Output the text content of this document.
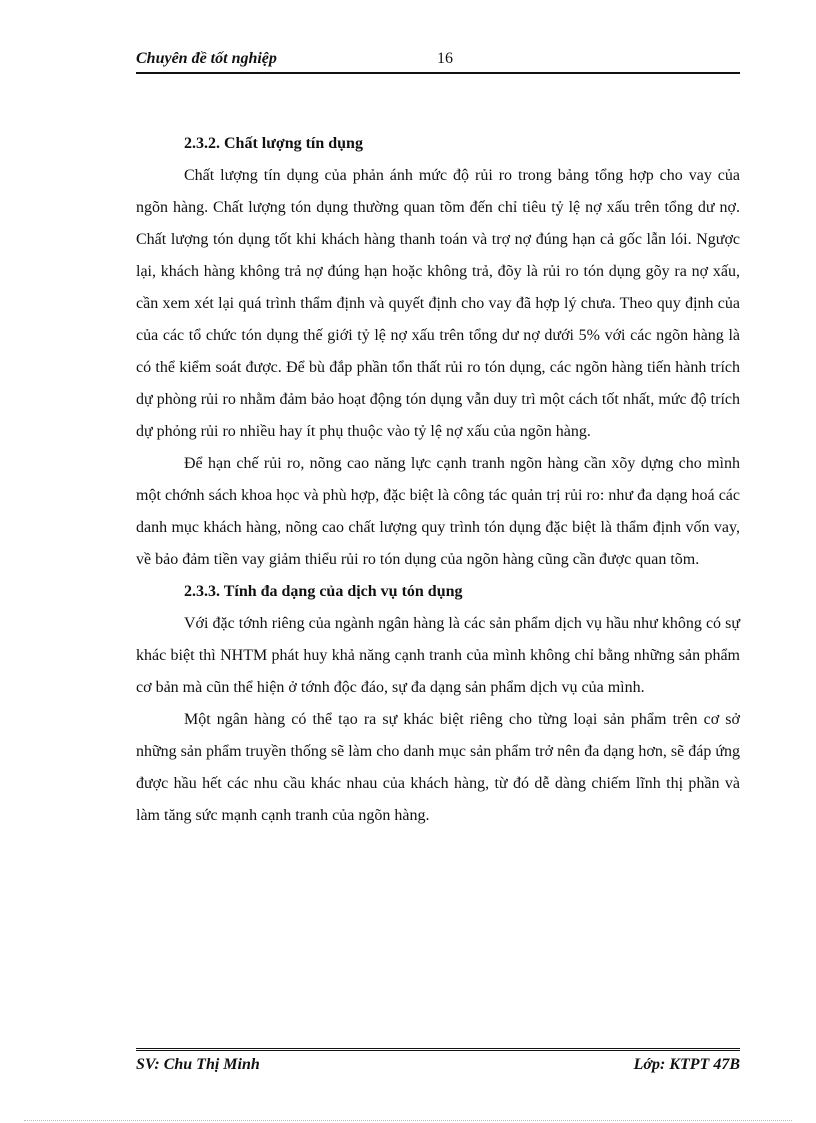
Chuyên đề tốt nghiệp	16
2.3.2. Chất lượng tín dụng

Chất lượng tín dụng của phản ánh mức độ rủi ro trong bảng tổng hợp cho vay của ngõn hàng. Chất lượng tón dụng thường quan tõm đến chỉ tiêu tỷ lệ nợ xấu trên tổng dư nợ. Chất lượng tón dụng tốt khi khách hàng thanh toán và trợ nợ đúng hạn cả gốc lẫn lói. Ngược lại, khách hàng không trả nợ đúng hạn hoặc không trả, đõy là rủi ro tón dụng gõy ra nợ xấu, cần xem xét lại quá trình thẩm định và quyết định cho vay đã hợp lý chưa. Theo quy định của của các tổ chức tón dụng thế giới tỷ lệ nợ xấu trên tổng dư nợ dưới 5% với các ngõn hàng là có thể kiểm soát được. Để bù đắp phần tổn thất rủi ro tón dụng, các ngõn hàng tiến hành trích dự phòng rủi ro nhằm đảm bảo hoạt động tón dụng vẫn duy trì một cách tốt nhất, mức độ trích dự phỏng rủi ro nhiều hay ít phụ thuộc vào tỷ lệ nợ xấu của ngõn hàng.

Để hạn chế rủi ro, nõng cao năng lực cạnh tranh ngõn hàng cần xõy dựng cho mình một chớnh sách khoa học và phù hợp, đặc biệt là công tác quản trị rủi ro: như đa dạng hoá các danh mục khách hàng, nõng cao chất lượng quy trình tón dụng đặc biệt là thẩm định vốn vay, về bảo đảm tiền vay giảm thiểu rủi ro tón dụng của ngõn hàng cũng cần được quan tõm.

2.3.3. Tính đa dạng của dịch vụ tón dụng

Với đặc tớnh riêng của ngành ngân hàng là các sản phẩm dịch vụ hầu như không có sự khác biệt thì NHTM phát huy khả năng cạnh tranh của mình không chỉ bằng những sản phẩm cơ bản mà cũn thể hiện ở tớnh độc đáo, sự đa dạng sản phẩm dịch vụ của mình.

Một ngân hàng có thể tạo ra sự khác biệt riêng cho từng loại sản phẩm trên cơ sở những sản phẩm truyền thống sẽ làm cho danh mục sản phẩm trở nên đa dạng hơn, sẽ đáp ứng được hầu hết các nhu cầu khác nhau của khách hàng, từ đó dễ dàng chiếm lĩnh thị phần và làm tăng sức mạnh cạnh tranh của ngõn hàng.

SV: Chu Thị Minh	Lớp: KTPT 47B
